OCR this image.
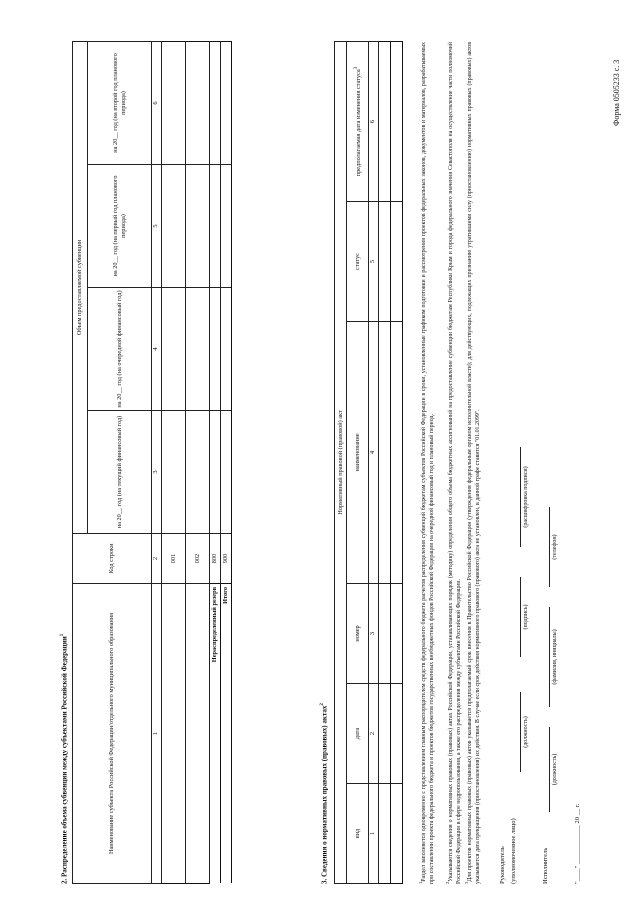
Форма 0505233 с. 3
2. Распределение объема субвенции между субъектами Российской Федерации$^1$	Наименование субъекта Российской Федерации/отдельного муниципального образования	Код строки	Объем предоставляемой субвенции			
		на 20__ год (на текущий финансовый год)	на 20__ год (на очередной финансовый год)	на 20__ год (на первый год планового периода)	на 20__ год (на второй год планового периода)
1	2	3	4	5	6
	001				
	002				
Нераспределенный резерв	800				
Итого	900				
3. Сведения о нормативных правовых (правовых) актах$^2$
Нормативный правовой (правовой) акт					
вид	дата	номер	наименование	статус	предполагаемая дата изменения статуса$^3$
1	2	3	4	5	6

$^1$Раздел заполняется одновременно с представлением главным распорядителем средств федерального бюджета расчетов распределения субвенций бюджетам субъектов Российской Федерации в сроки, установленные графиком подготовки и рассмотрения проектов федеральных законов, документов и материалов, разрабатываемых при составлении проекта федерального бюджета и проектов бюджетов государственных внебюджетных фондов Российской Федерации на очередной финансовый год и плановый период.	$^2$Указываются сведения о нормативных правовых (правовых) актах Российской Федерации, устанавливающих порядок (методику) определения общего объема бюджетных ассигнований на предоставление субвенции бюджетам Республики Крым и города федерального значения Севастополя на осуществление части полномочий Российской Федерации в сфере недропользования, а также его распределения между субъектами Российской Федерации. $^3$Для проектов нормативных правовых (правовых) актов указывается предполагаемый срок внесения в Правительство Российской Федерации (утверждения федеральным органом исполнительной власти); для действующих, подлежащих признанию утратившими силу (приостановлению) нормативных правовых (правовых) актов указывается дата прекращения (приостановления) их действия. В случае если срок действия нормативного правового (правового) акта не установлен, в данной графе ставится "01.01.2099".	Руководитель (уполномоченное лицо)
(должность)
(подпись)
(расшифровка подписи)
Исполнитель
(должность)
(фамилия, инициалы)
(телефон)
"____" ____________ 20 __ г.
